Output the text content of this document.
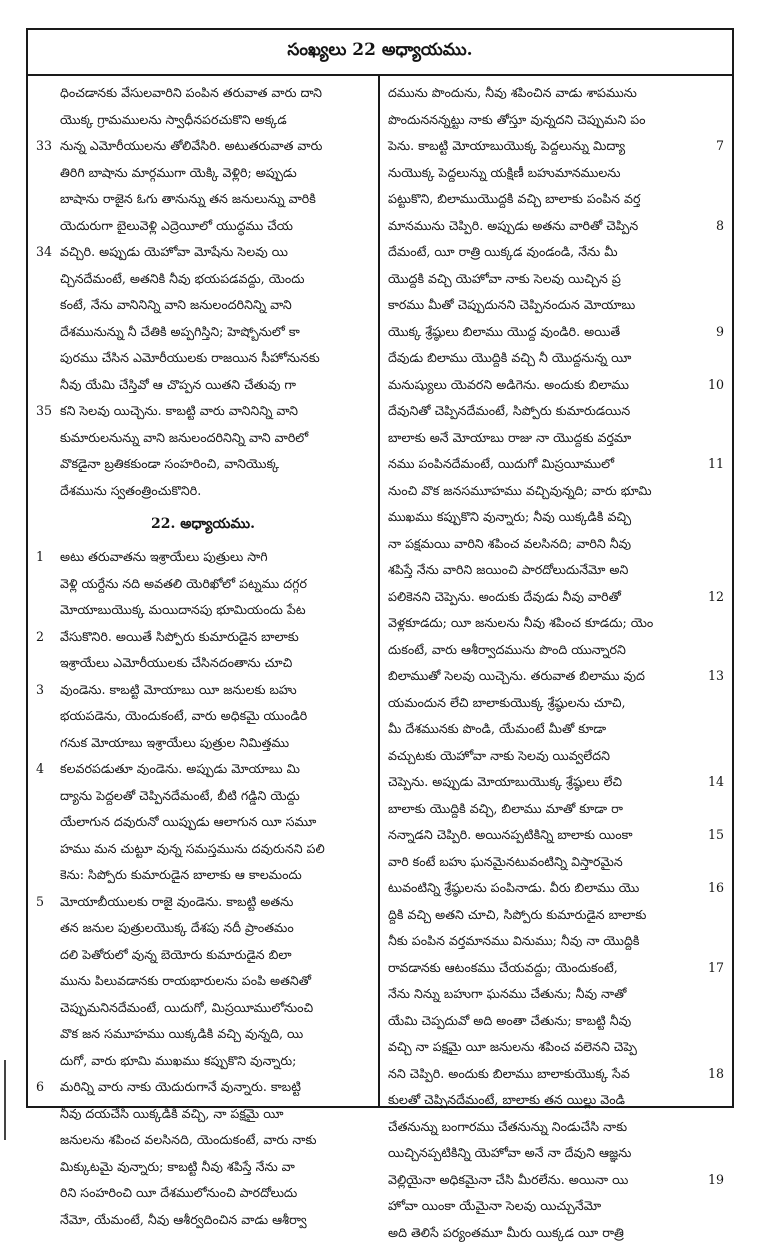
సంఖ్యలు 22 అధ్యాయము.
ధించడానకు వేసులవారిని పంపిన తరువాత వారు దాని
యొక్క గ్రామములను స్వాధీనపరచుకొని అక్కడ
33 నున్న ఎమోరీయులను తోలివేసిరి. అటుతరువాత వారు
తిరిగి బాషాను మార్గముగా యెక్కి వెళ్లిరి; అప్పుడు
బాషాను రాజైన ఓగు తానున్ను తన జనులున్ను వారికి
యెదురుగా బైలువెళ్లి ఎద్రెయీలో యుద్ధము చేయ
34 వచ్చిరి. అప్పుడు యెహోవా మోషేను సెలవు యి
చ్చినదేమంటే, అతనికి నీవు భయపడవద్దు, యెందు
కంటే, నేను వానినిన్ని వాని జనులందరినిన్ని వాని
దేశమునున్ను నీ చేతికి అప్పగిస్తిని; హెష్బోనులో కా
పురము చేసిన ఎమోరీయులకు రాజయిన సీహోనునకు
నీవు యేమి చేస్తివో ఆ చొప్పన యితని చేతువు గా
35 కని సెలవు యిచ్చెను. కాబట్టి వారు వానినిన్ని వాని
కుమారులనున్ను వాని జనులందరినిన్ని వాని వారిలో
వొకడైనా బ్రతికకుండా సంహరించి, వానియొక్క
దేశమును స్వతంత్రించుకొనిరి.
22. అధ్యాయము.
1 అటు తరువాతను ఇశ్రాయేలు పుత్రులు సాగి
వెళ్లి యర్దేను నది అవతలి యెరిఖోలో పట్నము దగ్గర
మోయాబుయొక్క మయిదానపు భూమియందు పేట
2 వేసుకొనిరి. అయితే సిప్పోరు కుమారుడైన బాలాకు
ఇశ్రాయేలు ఎమోరీయులకు చేసినదంతాను చూచి
3 వుండెను. కాబట్టి మోయాబు యీ జనులకు బహు
భయపడెను, యెందుకంటే, వారు అధికమై యుండిరి
గనుక మోయాబు ఇశ్రాయేలు పుత్రుల నిమిత్తము
4 కలవరపడుతూ వుండెను. అప్పుడు మోయాబు మి
ద్యాను పెద్దలతో చెప్పినదేమంటే, బీటి గడ్డిని యెద్దు
యేలాగున దవురునో యిప్పుడు ఆలాగున యీ సమూ
హము మన చుట్టూ వున్న సమస్తమును దవురునని పలి
కెను: సిప్పోరు కుమారుడైన బాలాకు ఆ కాలమందు
5 మోయాబీయులకు రాజై వుండెను. కాబట్టి అతను
తన జనుల పుత్రులయొక్క దేశపు నదీ ప్రాంతమం
దలి పెతోరులో వున్న బెయోరు కుమారుడైన బిలా
మును పిలువడానకు రాయభారులను పంపి అతనితో
చెప్పుమనినదేమంటే, యిదుగో, మిస్రయీములోనుంచి
వొక జన సమూహము యిక్కడికి వచ్చి వున్నది, యి
దుగో, వారు భూమి ముఖము కప్పుకొని వున్నారు;
6 మరిన్ని వారు నాకు యెదురుగానే వున్నారు. కాబట్టి
నీవు దయచేసి యిక్కడికి వచ్చి, నా పక్షమై యీ
జనులను శపించ వలసినది, యెందుకంటే, వారు నాకు
మిక్కుటమై వున్నారు; కాబట్టి నీవు శపిస్తే నేను వా
రిని సంహరించి యీ దేశములోనుంచి పారదోలుదు
నేమో, యేమంటే, నీవు ఆశీర్వదించిన వాడు ఆశీర్వా
దమును పొందును, నీవు శపించిన వాడు శాపమును
పొందుననన్నట్టు నాకు తోస్తూ వున్నదని చెప్పుమని పం
7
పెను. కాబట్టి మోయాబుయొక్క పెద్దలున్ను మిద్యా
నుయొక్క పెద్దలున్ను యక్షిణీ బహుమానములను
పట్టుకొని, బిలాముయొద్దకి వచ్చి బాలాకు పంపిన వర్త
8
మానమును చెప్పిరి. అప్పుడు అతను వారితో చెప్పిన
దేమంటే, యీ రాత్రి యిక్కడ వుండండి, నేను మీ
యొద్దకి వచ్చి యెహోవా నాకు సెలవు యిచ్చిన ప్ర
కారము మీతో చెప్పుదునని చెప్పినందున మోయాబు
9
యొక్క శ్రేష్ఠులు బిలాము యొద్ద వుండిరి. అయితే
దేవుడు బిలాము యొద్దికి వచ్చి నీ యొద్దనున్న యీ
10
మనుష్యులు యెవరని అడిగెను. అందుకు బిలాము
దేవునితో చెప్పినదేమంటే, సిప్పోరు కుమారుడయిన
బాలాకు అనే మోయాబు రాజు నా యొద్దకు వర్తమా
11
నము పంపినదేమంటే, యిదుగో మిస్రయీములో
నుంచి వొక జనసమూహము వచ్చివున్నది; వారు భూమి
ముఖము కప్పుకొని వున్నారు; నీవు యిక్కడికి వచ్చి
నా పక్షమయి వారిని శపించ వలసినది; వారిని నీవు
శపిస్తే నేను వారిని జయించి పారదోలుదునేమో అని
12
పలికెనని చెప్పెను. అందుకు దేవుడు నీవు వారితో
వెళ్లకూడదు; యీ జనులను నీవు శపించ కూడదు; యెం
దుకంటే, వారు ఆశీర్వాదమును పొంది యున్నారని
13
బిలాముతో సెలవు యిచ్చెను. తరువాత బిలాము వుద
యమందున లేచి బాలాకుయొక్క శ్రేష్ఠులను చూచి,
మీ దేశమునకు పొండి, యేమంటే మీతో కూడా
వచ్చుటకు యెహోవా నాకు సెలవు యివ్వలేదని
14
చెప్పెను. అప్పుడు మోయాబుయొక్క శ్రేష్ఠులు లేచి
బాలాకు యొద్దికి వచ్చి, బిలాము మాతో కూడా రా
15
నన్నాడని చెప్పిరి. అయినప్పటికిన్ని బాలాకు యింకా
వారి కంటే బహు ఘనమైనటువంటిన్ని విస్తారమైన
16
టువంటిన్ని శ్రేష్ఠులను పంపినాడు. వీరు బిలాము యొ
ద్దికి వచ్చి అతని చూచి, సిప్పోరు కుమారుడైన బాలాకు
నీకు పంపిన వర్తమానము వినుము; నీవు నా యొద్దికి
17
రావడానకు ఆటంకము చేయవద్దు; యెందుకంటే,
నేను నిన్ను బహుగా ఘనము చేతును; నీవు నాతో
యేమి చెప్పదువో అది అంతా చేతును; కాబట్టి నీవు
వచ్చి నా పక్షమై యీ జనులను శపించ వలెనని చెప్పె
18
నని చెప్పిరి. అందుకు బిలాము బాలాకుయొక్క సేవ
కులతో చెప్పినదేమంటే, బాలాకు తన యిల్లు వెండి
చేతనున్ను బంగారము చేతనున్ను నిండుచేసి నాకు
యిచ్చినప్పటికిన్ని యెహోవా అనే నా దేవుని ఆజ్ఞను
19
వెల్లియైనా అధికమైనా చేసి మీరలేను. అయినా యి
హోవా యింకా యేమైనా సెలవు యిచ్చునేమో
అది తెలిసే పర్యంతమూ మీరు యిక్కడ యీ రాత్రి
